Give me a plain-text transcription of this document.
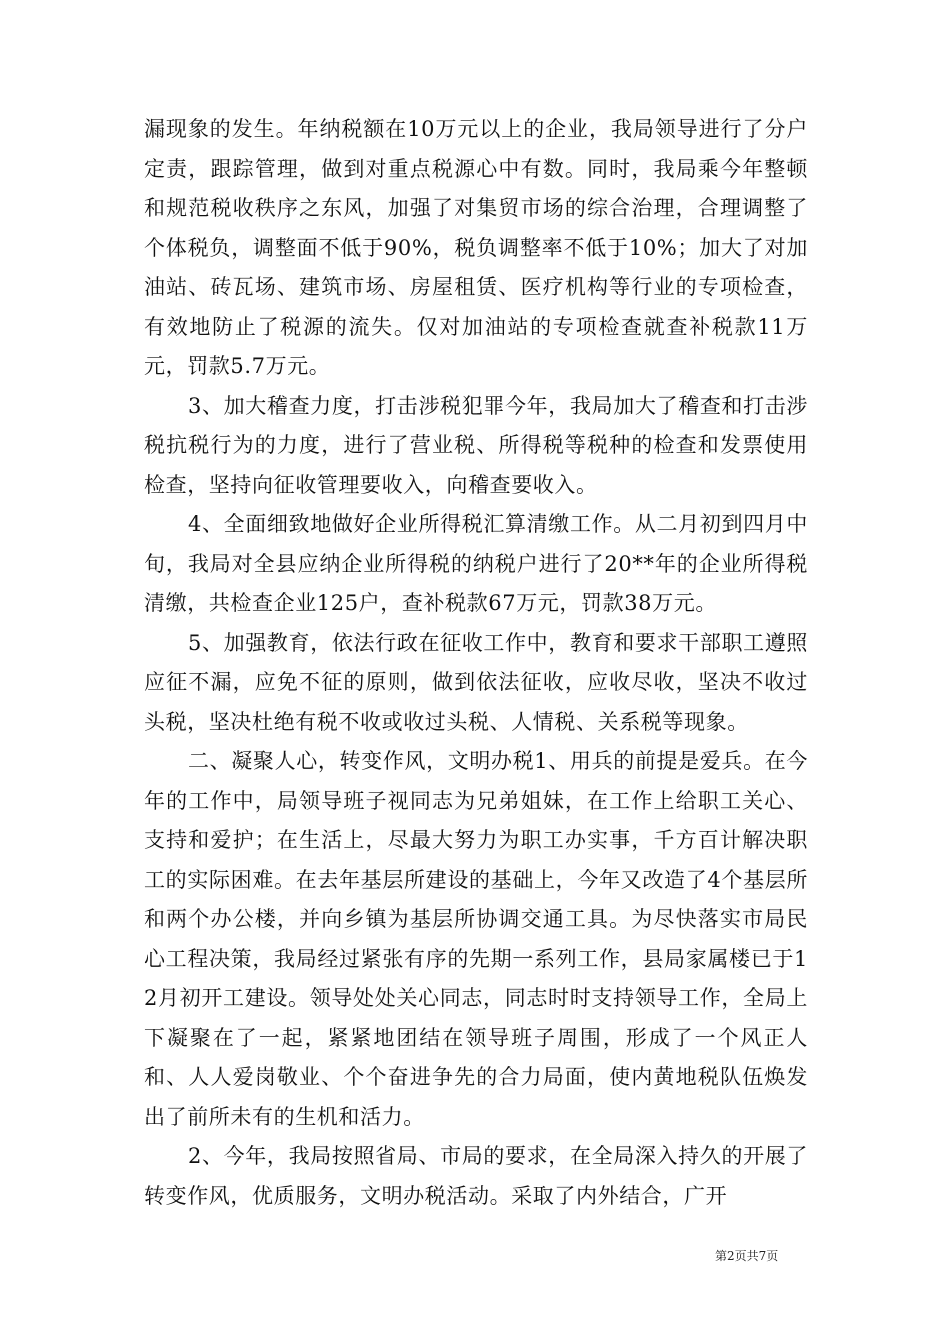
漏现象的发生。年纳税额在10万元以上的企业，我局领导进行了分户定责，跟踪管理，做到对重点税源心中有数。同时，我局乘今年整顿和规范税收秩序之东风，加强了对集贸市场的综合治理，合理调整了个体税负，调整面不低于90%，税负调整率不低于10%；加大了对加油站、砖瓦场、建筑市场、房屋租赁、医疗机构等行业的专项检查，有效地防止了税源的流失。仅对加油站的专项检查就查补税款11万元，罚款5.7万元。

3、加大稽查力度，打击涉税犯罪今年，我局加大了稽查和打击涉税抗税行为的力度，进行了营业税、所得税等税种的检查和发票使用检查，坚持向征收管理要收入，向稽查要收入。

4、全面细致地做好企业所得税汇算清缴工作。从二月初到四月中旬，我局对全县应纳企业所得税的纳税户进行了20**年的企业所得税清缴，共检查企业125户，查补税款67万元，罚款38万元。

5、加强教育，依法行政在征收工作中，教育和要求干部职工遵照应征不漏，应免不征的原则，做到依法征收，应收尽收，坚决不收过头税，坚决杜绝有税不收或收过头税、人情税、关系税等现象。

二、凝聚人心，转变作风，文明办税1、用兵的前提是爱兵。在今年的工作中，局领导班子视同志为兄弟姐妹，在工作上给职工关心、支持和爱护；在生活上，尽最大努力为职工办实事，千方百计解决职工的实际困难。在去年基层所建设的基础上，今年又改造了4个基层所和两个办公楼，并向乡镇为基层所协调交通工具。为尽快落实市局民心工程决策，我局经过紧张有序的先期一系列工作，县局家属楼已于12月初开工建设。领导处处关心同志，同志时时支持领导工作，全局上下凝聚在了一起，紧紧地团结在领导班子周围，形成了一个风正人和、人人爱岗敬业、个个奋进争先的合力局面，使内黄地税队伍焕发出了前所未有的生机和活力。

2、今年，我局按照省局、市局的要求，在全局深入持久的开展了转变作风，优质服务，文明办税活动。采取了内外结合，广开

第2页共7页
